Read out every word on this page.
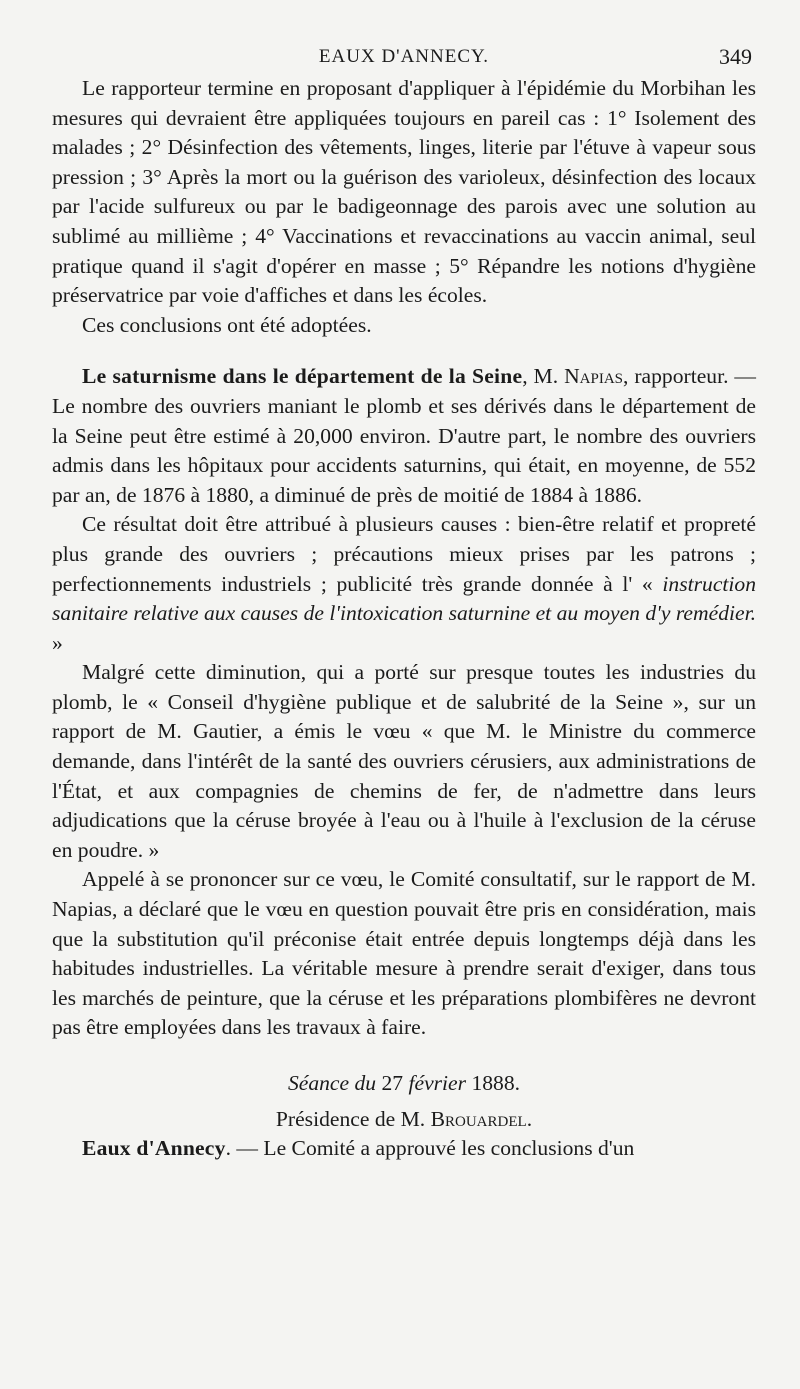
EAUX D'ANNECY.	349

Le rapporteur termine en proposant d'appliquer à l'épidémie du Morbihan les mesures qui devraient être appliquées toujours en pareil cas : 1° Isolement des malades ; 2° Désinfection des vêtements, linges, literie par l'étuve à vapeur sous pression ; 3° Après la mort ou la guérison des varioleux, désinfection des locaux par l'acide sulfureux ou par le badigeonnage des parois avec une solution au sublimé au millième ; 4° Vaccinations et revaccinations au vaccin animal, seul pratique quand il s'agit d'opérer en masse ; 5° Répandre les notions d'hygiène préservatrice par voie d'affiches et dans les écoles.

Ces conclusions ont été adoptées.

Le saturnisme dans le département de la Seine, M. Napias, rapporteur. — Le nombre des ouvriers maniant le plomb et ses dérivés dans le département de la Seine peut être estimé à 20,000 environ. D'autre part, le nombre des ouvriers admis dans les hôpitaux pour accidents saturnins, qui était, en moyenne, de 552 par an, de 1876 à 1880, a diminué de près de moitié de 1884 à 1886.

Ce résultat doit être attribué à plusieurs causes : bien-être relatif et propreté plus grande des ouvriers ; précautions mieux prises par les patrons ; perfectionnements industriels ; publicité très grande donnée à l' « instruction sanitaire relative aux causes de l'intoxication saturnine et au moyen d'y remédier. »

Malgré cette diminution, qui a porté sur presque toutes les industries du plomb, le « Conseil d'hygiène publique et de salubrité de la Seine », sur un rapport de M. Gautier, a émis le vœu « que M. le Ministre du commerce demande, dans l'intérêt de la santé des ouvriers cérusiers, aux administrations de l'État, et aux compagnies de chemins de fer, de n'admettre dans leurs adjudications que la céruse broyée à l'eau ou à l'huile à l'exclusion de la céruse en poudre. »

Appelé à se prononcer sur ce vœu, le Comité consultatif, sur le rapport de M. Napias, a déclaré que le vœu en question pouvait être pris en considération, mais que la substitution qu'il préconise était entrée depuis longtemps déjà dans les habitudes industrielles. La véritable mesure à prendre serait d'exiger, dans tous les marchés de peinture, que la céruse et les préparations plombifères ne devront pas être employées dans les travaux à faire.

Séance du 27 février 1888.

Présidence de M. Brouardel.

Eaux d'Annecy. — Le Comité a approuvé les conclusions d'un
